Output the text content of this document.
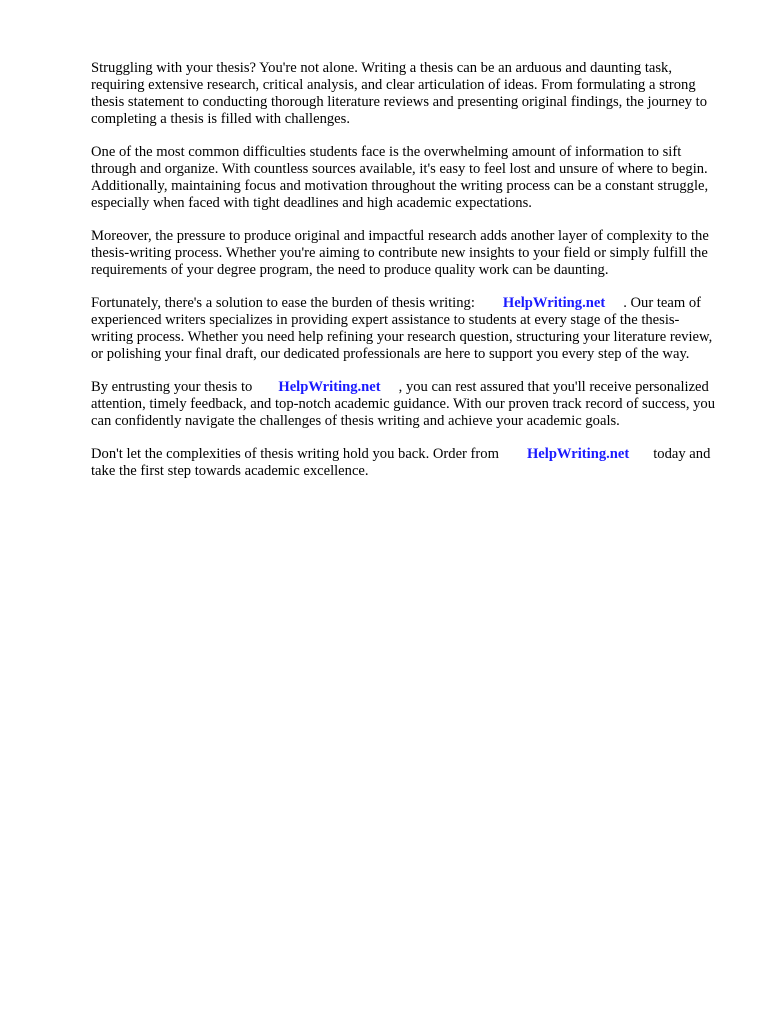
Struggling with your thesis? You're not alone. Writing a thesis can be an arduous and daunting task, requiring extensive research, critical analysis, and clear articulation of ideas. From formulating a strong thesis statement to conducting thorough literature reviews and presenting original findings, the journey to completing a thesis is filled with challenges.

One of the most common difficulties students face is the overwhelming amount of information to sift through and organize. With countless sources available, it's easy to feel lost and unsure of where to begin. Additionally, maintaining focus and motivation throughout the writing process can be a constant struggle, especially when faced with tight deadlines and high academic expectations.

Moreover, the pressure to produce original and impactful research adds another layer of complexity to the thesis-writing process. Whether you're aiming to contribute new insights to your field or simply fulfill the requirements of your degree program, the need to produce quality work can be daunting.

Fortunately, there's a solution to ease the burden of thesis writing: HelpWriting.net . Our team of experienced writers specializes in providing expert assistance to students at every stage of the thesis-writing process. Whether you need help refining your research question, structuring your literature review, or polishing your final draft, our dedicated professionals are here to support you every step of the way.

By entrusting your thesis to HelpWriting.net , you can rest assured that you'll receive personalized attention, timely feedback, and top-notch academic guidance. With our proven track record of success, you can confidently navigate the challenges of thesis writing and achieve your academic goals.

Don't let the complexities of thesis writing hold you back. Order from HelpWriting.net today and take the first step towards academic excellence.
